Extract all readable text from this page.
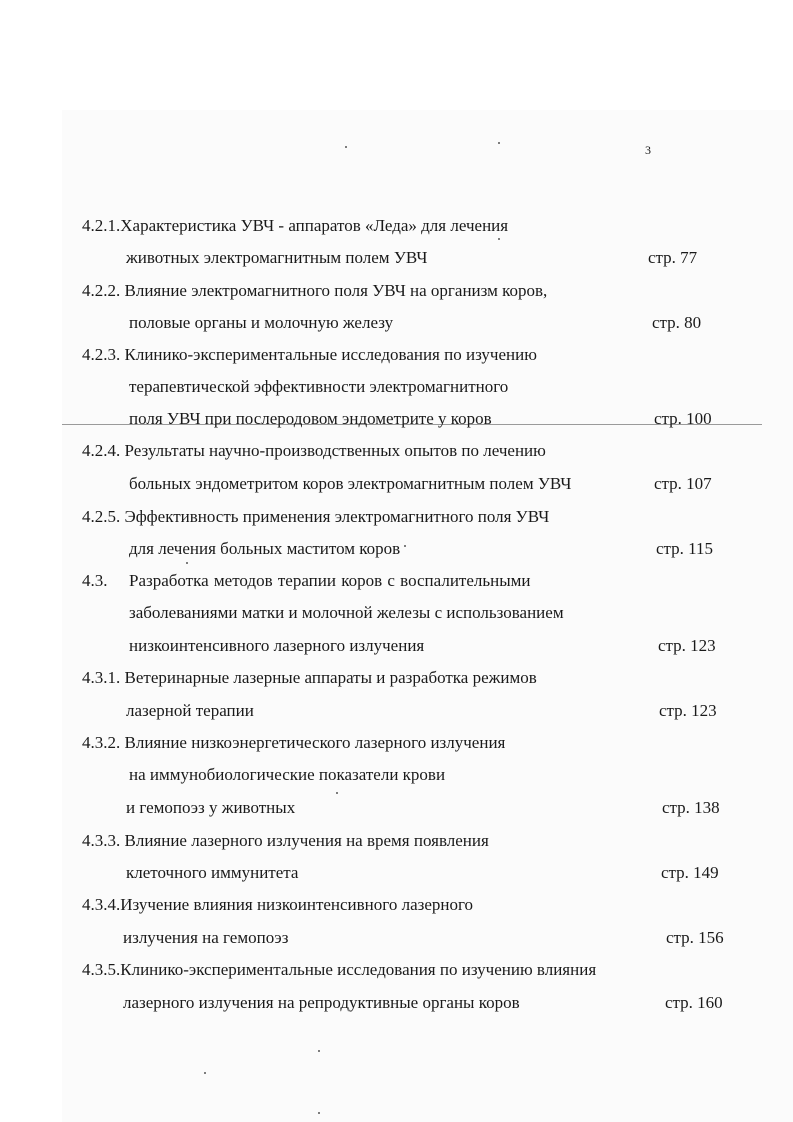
3
4.2.1.Характеристика УВЧ - аппаратов «Леда» для лечения
животных электромагнитным полем УВЧ	стр. 77
4.2.2. Влияние электромагнитного поля УВЧ на организм коров,
половые органы и молочную железу	стр. 80
4.2.3. Клинико-экспериментальные исследования по изучению
терапевтической эффективности электромагнитного
поля УВЧ при послеродовом эндометрите у коров	стр. 100
4.2.4. Результаты научно-производственных опытов по лечению
больных эндометритом коров электромагнитным полем УВЧ	стр. 107
4.2.5. Эффективность применения электромагнитного поля УВЧ
для лечения больных маститом коров	стр. 115
4.3. Разработка методов терапии коров с воспалительными
заболеваниями матки и молочной железы с использованием
низкоинтенсивного лазерного излучения	стр. 123
4.3.1. Ветеринарные лазерные аппараты и разработка режимов
лазерной терапии	стр. 123
4.3.2. Влияние низкоэнергетического лазерного излучения
на иммунобиологические показатели крови
и гемопоэз у животных	стр. 138
4.3.3. Влияние лазерного излучения на время появления
клеточного иммунитета	стр. 149
4.3.4.Изучение влияния низкоинтенсивного лазерного
излучения на гемопоэз	стр. 156
4.3.5.Клинико-экспериментальные исследования по изучению влияния
лазерного излучения на репродуктивные органы коров	стр. 160
